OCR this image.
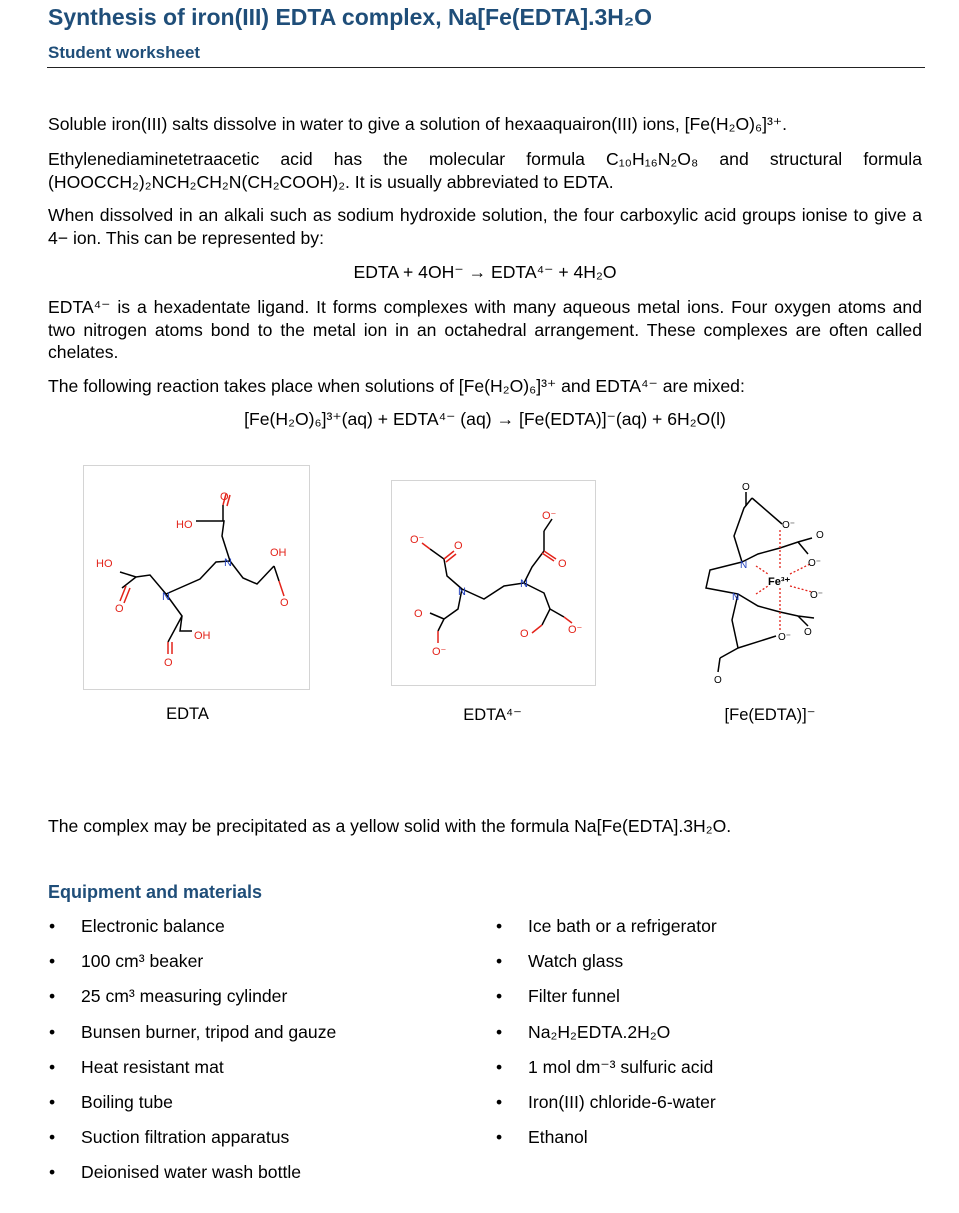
Synthesis of iron(III) EDTA complex, Na[Fe(EDTA].3H₂O
Student worksheet

Soluble iron(III) salts dissolve in water to give a solution of hexaaquairon(III) ions, [Fe(H₂O)₆]³⁺.

Ethylenediaminetetraacetic acid has the molecular formula C₁₀H₁₆N₂O₈ and structural formula
(HOOCCH₂)₂NCH₂CH₂N(CH₂COOH)₂. It is usually abbreviated to EDTA.

When dissolved in an alkali such as sodium hydroxide solution, the four carboxylic acid groups ionise to give a 4− ion. This can be represented by:

EDTA + 4OH⁻ → EDTA⁴⁻ + 4H₂O

EDTA⁴⁻ is a hexadentate ligand. It forms complexes with many aqueous metal ions. Four oxygen atoms and two nitrogen atoms bond to the metal ion in an octahedral arrangement. These complexes are often called chelates.

The following reaction takes place when solutions of [Fe(H₂O)₆]³⁺ and EDTA⁴⁻ are mixed:

[Fe(H₂O)₆]³⁺(aq) + EDTA⁴⁻ (aq) → [Fe(EDTA)]⁻(aq) + 6H₂O(l)
HO
HO
OH
OH
O
O	O
O
N
N
EDTA
O⁻	O
O⁻
O
O
O⁻
O	O⁻
N
N
EDTA⁴⁻
Fe³⁺
N
N
O
O⁻
O
O⁻
O⁻
O
O⁻
O
[Fe(EDTA)]⁻

The complex may be precipitated as a yellow solid with the formula Na[Fe(EDTA].3H₂O.

Equipment and materials
• Electronic balance
• 100 cm³ beaker
• 25 cm³ measuring cylinder
• Bunsen burner, tripod and gauze
• Heat resistant mat
• Boiling tube
• Suction filtration apparatus
• Deionised water wash bottle
• Ice bath or a refrigerator
• Watch glass
• Filter funnel
• Na₂H₂EDTA.2H₂O
• 1 mol dm⁻³ sulfuric acid
• Iron(III) chloride-6-water
• Ethanol
